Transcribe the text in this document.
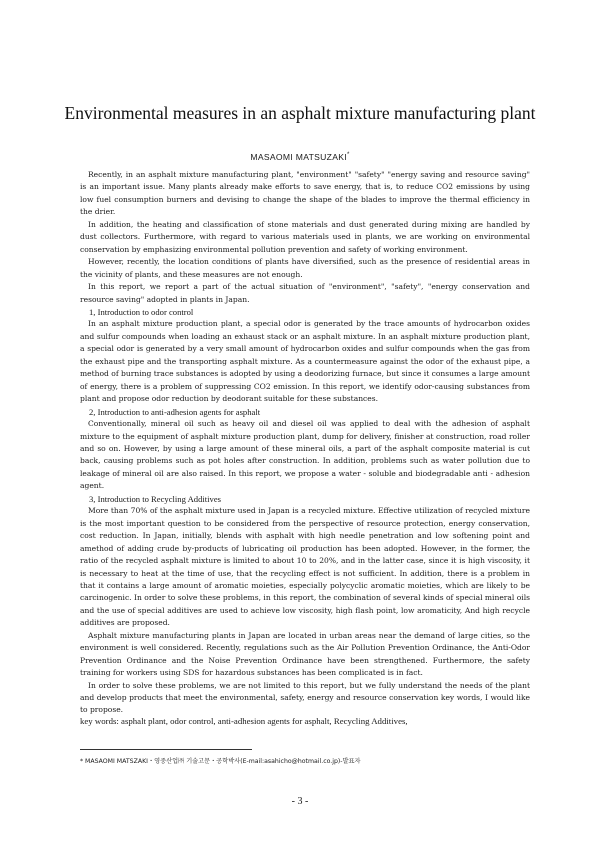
Environmental measures in an asphalt mixture manufacturing plant
MASAOMI MATSUZAKI*

Recently, in an asphalt mixture manufacturing plant, "environment" "safety" "energy saving and resource saving" is an important issue. Many plants already make efforts to save energy, that is, to reduce CO2 emissions by using low fuel consumption burners and devising to change the shape of the blades to improve the thermal efficiency in the drier.

In addition, the heating and classification of stone materials and dust generated during mixing are handled by dust collectors. Furthermore, with regard to various materials used in plants, we are working on environmental conservation by emphasizing environmental pollution prevention and safety of working environment.

However, recently, the location conditions of plants have diversified, such as the presence of residential areas in the vicinity of plants, and these measures are not enough.

In this report, we report a part of the actual situation of "environment", "safety", "energy conservation and resource saving" adopted in plants in Japan.

1, Introduction to odor control

In an asphalt mixture production plant, a special odor is generated by the trace amounts of hydrocarbon oxides and sulfur compounds when loading an exhaust stack or an asphalt mixture. In an asphalt mixture production plant, a special odor is generated by a very small amount of hydrocarbon oxides and sulfur compounds when the gas from the exhaust pipe and the transporting asphalt mixture. As a countermeasure against the odor of the exhaust pipe, a method of burning trace substances is adopted by using a deodorizing furnace, but since it consumes a large amount of energy, there is a problem of suppressing CO2 emission. In this report, we identify odor-causing substances from plant and propose odor reduction by deodorant suitable for these substances.

2, Introduction to anti-adhesion agents for asphalt

Conventionally, mineral oil such as heavy oil and diesel oil was applied to deal with the adhesion of asphalt mixture to the equipment of asphalt mixture production plant, dump for delivery, finisher at construction, road roller and so on. However, by using a large amount of these mineral oils, a part of the asphalt composite material is cut back, causing problems such as pot holes after construction. In addition, problems such as water pollution due to leakage of mineral oil are also raised. In this report, we propose a water - soluble and biodegradable anti - adhesion agent.

3, Introduction to Recycling Additives

More than 70% of the asphalt mixture used in Japan is a recycled mixture. Effective utilization of recycled mixture is the most important question to be considered from the perspective of resource protection, energy conservation, cost reduction. In Japan, initially, blends with asphalt with high needle penetration and low softening point and amethod of adding crude by-products of lubricating oil production has been adopted. However, in the former, the ratio of the recycled asphalt mixture is limited to about 10 to 20%, and in the latter case, since it is high viscosity, it is necessary to heat at the time of use, that the recycling effect is not sufficient. In addition, there is a problem in that it contains a large amount of aromatic moieties, especially polycyclic aromatic moieties, which are likely to be carcinogenic. In order to solve these problems, in this report, the combination of several kinds of special mineral oils and the use of special additives are used to achieve low viscosity, high flash point, low aromaticity, And high recycle additives are proposed.

Asphalt mixture manufacturing plants in Japan are located in urban areas near the demand of large cities, so the environment is well considered. Recently, regulations such as the Air Pollution Prevention Ordinance, the Anti-Odor Prevention Ordinance and the Noise Prevention Ordinance have been strengthened. Furthermore, the safety training for workers using SDS for hazardous substances has been complicated is in fact.

In order to solve these problems, we are not limited to this report, but we fully understand the needs of the plant and develop products that meet the environmental, safety, energy and resource conservation key words, I would like to propose.

key words: asphalt plant, odor control, anti-adhesion agents for asphalt, Recycling Additives,
* MASAOMI MATSZAKI・영중산업㈜ 기술고문・공학박사(E-mail:asahicho@hotmail.co.jp)-발표자
- 3 -
